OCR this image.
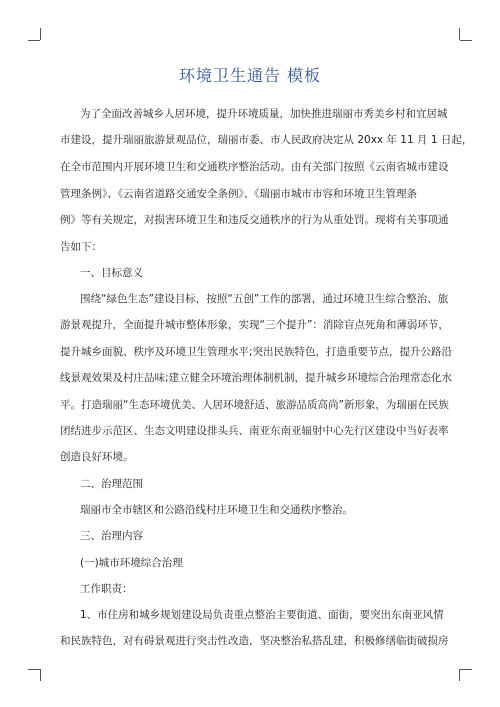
环境卫生通告 模板
为了全面改善城乡人居环境，提升环境质量，加快推进瑞丽市秀美乡村和宜居城
市建设，提升瑞丽旅游景观品位，瑞丽市委、市人民政府决定从 20xx 年 11 月 1 日起，
在全市范围内开展环境卫生和交通秩序整治活动。由有关部门按照《云南省城市建设
管理条例》、《云南省道路交通安全条例》、《瑞丽市城市市容和环境卫生管理条
例》等有关规定，对损害环境卫生和违反交通秩序的行为从重处罚。现将有关事项通
告如下：
一、目标意义
围绕“绿色生态”建设目标，按照“五创”工作的部署，通过环境卫生综合整治、旅
游景观提升，全面提升城市整体形象，实现“三个提升”：消除盲点死角和薄弱环节，
提升城乡面貌、秩序及环境卫生管理水平;突出民族特色，打造重要节点，提升公路沿
线景观效果及村庄品味;建立健全环境治理体制机制，提升城乡环境综合治理常态化水
平。打造瑞丽“生态环境优美、人居环境舒适、旅游品质高尚”新形象，为瑞丽在民族
团结进步示范区、生态文明建设排头兵、南亚东南亚辐射中心先行区建设中当好表率
创造良好环境。
二、治理范围
瑞丽市全市辖区和公路沿线村庄环境卫生和交通秩序整治。
三、治理内容
(一)城市环境综合治理
工作职责：
1、市住房和城乡规划建设局负责重点整治主要街道、面街，要突出东南亚风情
和民族特色，对有碍景观进行突击性改造，坚决整治私搭乱建，积极修缮临街破损房
